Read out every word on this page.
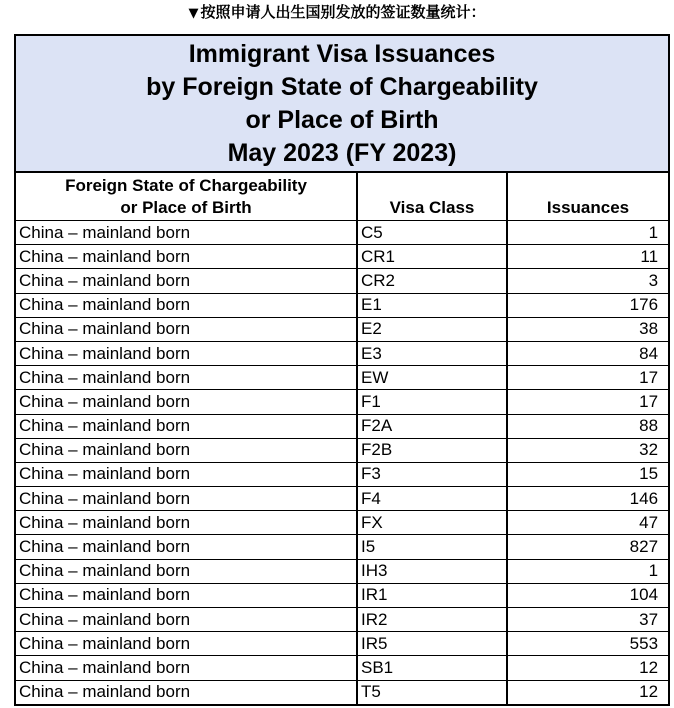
▼ 按照申请人出生国别发放的签证数量统计：
Immigrant Visa Issuances
by Foreign State of Chargeability
or Place of Birth
May 2023 (FY 2023)		

Foreign State of Chargeability
or Place of Birth	Visa Class	Issuances
China – mainland born	C5	1
China – mainland born	CR1	11
China – mainland born	CR2	3
China – mainland born	E1	176
China – mainland born	E2	38
China – mainland born	E3	84
China – mainland born	EW	17
China – mainland born	F1	17
China – mainland born	F2A	88
China – mainland born	F2B	32
China – mainland born	F3	15
China – mainland born	F4	146
China – mainland born	FX	47
China – mainland born	I5	827
China – mainland born	IH3	1
China – mainland born	IR1	104
China – mainland born	IR2	37
China – mainland born	IR5	553
China – mainland born	SB1	12
China – mainland born	T5	12
